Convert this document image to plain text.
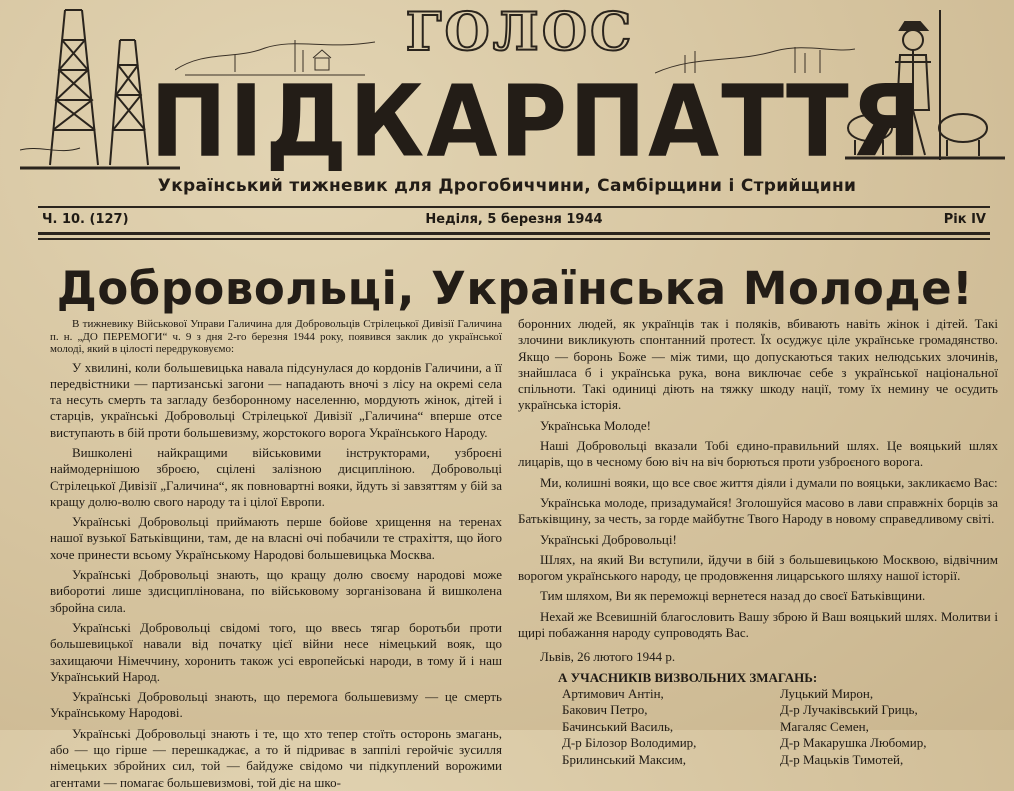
ГОЛОС
ПІДКАРПАТТЯ
Український тижневик для Дрогобиччини, Самбірщини і Стрийщини
Ч. 10. (127)	Неділя, 5 березня 1944	Рік IV
Добровольці, Українська Молоде!

В тижневику Військової Управи Галичина для Добровольців Стрілецької Дивізії Галичина п. н. „ДО ПЕРЕМОГИ“ ч. 9 з дня 2-го березня 1944 року, появився заклик до української молоді, який в цілості передруковуємо:

У хвилині, коли большевицька навала підсунулася до кордонів Галичини, а її передвістники — партизанські загони — нападають вночі з лісу на окремі села та несуть смерть та загладу безборонному населенню, мордують жінок, дітей і старців, українські Добровольці Стрілецької Дивізії „Галичина“ вперше отсе виступають в бій проти большевизму, жорстокого ворога Українського Народу.

Вишколені найкращими військовими інструкторами, узброєні наймодернішою зброєю, сцілені залізною дисципліною. Добровольці Стрілецької Дивізії „Галичина“, як повновартні вояки, йдуть зі завзяттям у бій за кращу долю-волю свого народу та і цілої Европи.

Українські Добровольці приймають перше бойове хрищення на теренах нашої вузької Батьківщини, там, де на власні очі побачили те страхіття, що його хоче принести всьому Українському Народові большевицька Москва.

Українські Добровольці знають, що кращу долю своєму народові може виборотиі лише здисциплінована, по військовому зорганізована й вишколена збройна сила.

Українські Добровольці свідомі того, що ввесь тягар боротьби проти большевицької навали від початку цієї війни несе німецький вояк, що захищаючи Німеччину, хоронить також усі европейські народи, в тому й і наш Український Народ.

Українські Добровольці знають, що перемога большевизму — це смерть Українському Народові.

Українські Добровольці знають і те, що хто тепер стоїть осторонь змагань, або — що гірше — перешкаджає, а то й підриває в заппілі геройчіє зусилля німецьких збройних сил, той — байдуже свідомо чи підкуплений ворожими агентами — помагає большевизмові, той діє на шко-

боронних людей, як українців так і поляків, вбивають навіть жінок і дітей. Такі злочини викликують спонтанний протест. Їх осуджує ціле українське громадянство. Якщо — боронь Боже — між тими, що допускаються таких нелюдських злочинів, знайшласа б і українська рука, вона виключає себе з української національної спільноти. Такі одиниці діють на тяжку шкоду нації, тому їх немину че осудить українська історія.

Українська Молоде!

Наші Добровольці вказали Тобі єдино-правильний шлях. Це вояцький шлях лицарів, що в чесному бою віч на віч борються проти узброєного ворога.

Ми, колишні вояки, що все своє життя діяли і думали по вояцьки, закликаємо Вас:

Українська молоде, призадумайся! Зголошуйся масово в лави справжніх борців за Батьківщину, за честь, за горде майбутнє Твого Народу в новому справедливому світі.

Українські Добровольці!

Шлях, на який Ви вступили, йдучи в бій з большевицькою Москвою, відвічним ворогом українського народу, це продовження лицарського шляху нашої історії.

Тим шляхом, Ви як переможці вернетеся назад до своєї Батьківщини.

Нехай же Всевишній благословить Вашу зброю й Ваш вояцький шлях. Молитви і щирі побажання народу супроводять Вас.

Львів, 26 лютого 1944 р.

А УЧАСНИКІВ ВИЗВОЛЬНИХ ЗМАГАНЬ:

Артимович Антін,
Бакович Петро,
Бачинський Василь,
Д-р Білозор Володимир,
Брилинський Максим,
Луцький Мирон,
Д-р Лучаківський Гриць,
Магаляс Семен,
Д-р Макарушка Любомир,
Д-р Мацьків Тимотей,
